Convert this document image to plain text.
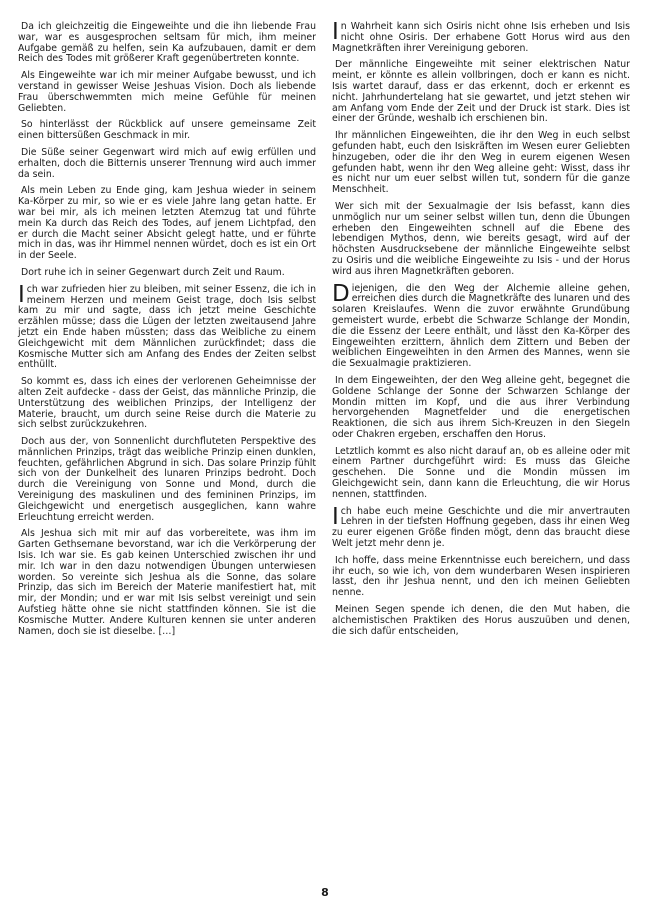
Da ich gleichzeitig die Eingeweihte und die ihn liebende Frau war, war es ausgesprochen seltsam für mich, ihm meiner Aufgabe gemäß zu helfen, sein Ka aufzubauen, damit er dem Reich des Todes mit größerer Kraft gegenübertreten konnte.

Als Eingeweihte war ich mir meiner Aufgabe bewusst, und ich verstand in gewisser Weise Jeshuas Vision. Doch als liebende Frau überschwemmten mich meine Gefühle für meinen Geliebten.

So hinterlässt der Rückblick auf unsere gemeinsame Zeit einen bittersüßen Geschmack in mir.

Die Süße seiner Gegenwart wird mich auf ewig erfüllen und erhalten, doch die Bitternis unserer Trennung wird auch immer da sein.

Als mein Leben zu Ende ging, kam Jeshua wieder in seinem Ka-Körper zu mir, so wie er es viele Jahre lang getan hatte. Er war bei mir, als ich meinen letzten Atemzug tat und führte mein Ka durch das Reich des Todes, auf jenem Lichtpfad, den er durch die Macht seiner Absicht gelegt hatte, und er führte mich in das, was ihr Himmel nennen würdet, doch es ist ein Ort in der Seele.

Dort ruhe ich in seiner Gegenwart durch Zeit und Raum.

Ich war zufrieden hier zu bleiben, mit seiner Essenz, die ich in meinem Herzen und meinem Geist trage, doch Isis selbst kam zu mir und sagte, dass ich jetzt meine Geschichte erzählen müsse; dass die Lügen der letzten zweitausend Jahre jetzt ein Ende haben müssten; dass das Weibliche zu einem Gleichgewicht mit dem Männlichen zurückfindet; dass die Kosmische Mutter sich am Anfang des Endes der Zeiten selbst enthüllt.

So kommt es, dass ich eines der verlorenen Geheimnisse der alten Zeit aufdecke - dass der Geist, das männliche Prinzip, die Unterstützung des weiblichen Prinzips, der Intelligenz der Materie, braucht, um durch seine Reise durch die Materie zu sich selbst zurückzukehren.

Doch aus der, von Sonnenlicht durchfluteten Perspektive des männlichen Prinzips, trägt das weibliche Prinzip einen dunklen, feuchten, gefährlichen Abgrund in sich. Das solare Prinzip fühlt sich von der Dunkelheit des lunaren Prinzips bedroht. Doch durch die Vereinigung von Sonne und Mond, durch die Vereinigung des maskulinen und des femininen Prinzips, im Gleichgewicht und energetisch ausgeglichen, kann wahre Erleuchtung erreicht werden.

Als Jeshua sich mit mir auf das vorbereitete, was ihm im Garten Gethsemane bevorstand, war ich die Verkörperung der Isis. Ich war sie. Es gab keinen Unterschied zwischen ihr und mir. Ich war in den dazu notwendigen Übungen unterwiesen worden. So vereinte sich Jeshua als die Sonne, das solare Prinzip, das sich im Bereich der Materie manifestiert hat, mit mir, der Mondin; und er war mit Isis selbst vereinigt und sein Aufstieg hätte ohne sie nicht stattfinden können. Sie ist die Kosmische Mutter. Andere Kulturen kennen sie unter anderen Namen, doch sie ist dieselbe. […]

In Wahrheit kann sich Osiris nicht ohne Isis erheben und Isis nicht ohne Osiris. Der erhabene Gott Horus wird aus den Magnetkräften ihrer Vereinigung geboren.

Der männliche Eingeweihte mit seiner elektrischen Natur meint, er könnte es allein vollbringen, doch er kann es nicht. Isis wartet darauf, dass er das erkennt, doch er erkennt es nicht. Jahrhundertelang hat sie gewartet, und jetzt stehen wir am Anfang vom Ende der Zeit und der Druck ist stark. Dies ist einer der Gründe, weshalb ich erschienen bin.

Ihr männlichen Eingeweihten, die ihr den Weg in euch selbst gefunden habt, euch den Isiskräften im Wesen eurer Geliebten hinzugeben, oder die ihr den Weg in eurem eigenen Wesen gefunden habt, wenn ihr den Weg alleine geht: Wisst, dass ihr es nicht nur um euer selbst willen tut, sondern für die ganze Menschheit.

Wer sich mit der Sexualmagie der Isis befasst, kann dies unmöglich nur um seiner selbst willen tun, denn die Übungen erheben den Eingeweihten schnell auf die Ebene des lebendigen Mythos, denn, wie bereits gesagt, wird auf der höchsten Ausdrucksebene der männliche Eingeweihte selbst zu Osiris und die weibliche Eingeweihte zu Isis - und der Horus wird aus ihren Magnetkräften geboren.

Diejenigen, die den Weg der Alchemie alleine gehen, erreichen dies durch die Magnetkräfte des lunaren und des solaren Kreislaufes. Wenn die zuvor erwähnte Grundübung gemeistert wurde, erbebt die Schwarze Schlange der Mondin, die die Essenz der Leere enthält, und lässt den Ka-Körper des Eingeweihten erzittern, ähnlich dem Zittern und Beben der weiblichen Eingeweihten in den Armen des Mannes, wenn sie die Sexualmagie praktizieren.

In dem Eingeweihten, der den Weg alleine geht, begegnet die Goldene Schlange der Sonne der Schwarzen Schlange der Mondin mitten im Kopf, und die aus ihrer Verbindung hervorgehenden Magnetfelder und die energetischen Reaktionen, die sich aus ihrem Sich-Kreuzen in den Siegeln oder Chakren ergeben, erschaffen den Horus.

Letztlich kommt es also nicht darauf an, ob es alleine oder mit einem Partner durchgeführt wird: Es muss das Gleiche geschehen. Die Sonne und die Mondin müssen im Gleichgewicht sein, dann kann die Erleuchtung, die wir Horus nennen, stattfinden.

Ich habe euch meine Geschichte und die mir anvertrauten Lehren in der tiefsten Hoffnung gegeben, dass ihr einen Weg zu eurer eigenen Größe finden mögt, denn das braucht diese Welt jetzt mehr denn je.

Ich hoffe, dass meine Erkenntnisse euch bereichern, und dass ihr euch, so wie ich, von dem wunderbaren Wesen inspirieren lasst, den ihr Jeshua nennt, und den ich meinen Geliebten nenne.

Meinen Segen spende ich denen, die den Mut haben, die alchemistischen Praktiken des Horus auszuüben und denen, die sich dafür entscheiden,

8
